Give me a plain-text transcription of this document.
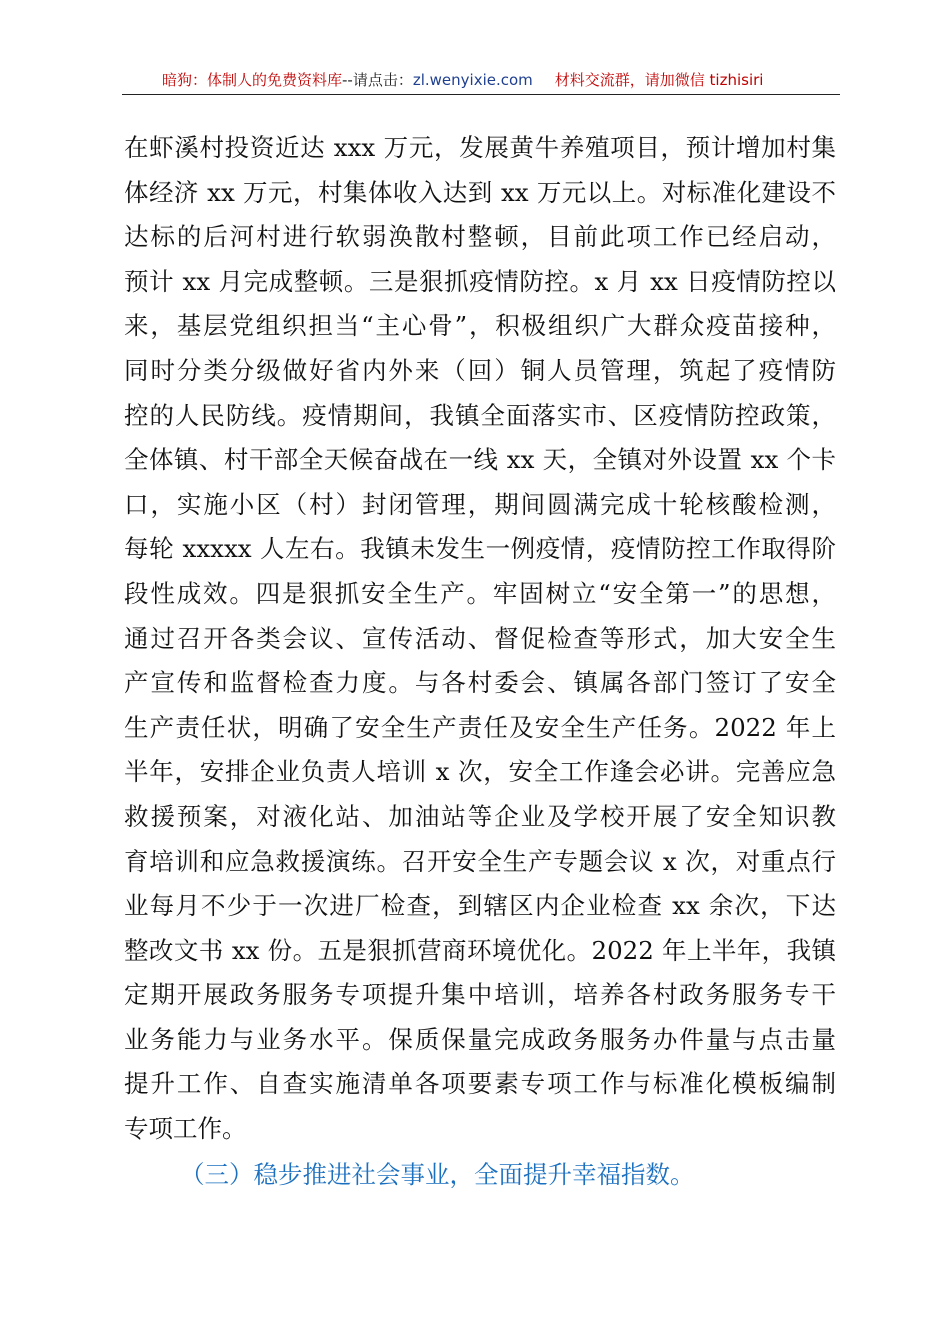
暗狗：体制人的免费资料库--请点击：zl.wenyixie.com 材料交流群，请加微信 tizhisiri
在虾溪村投资近达 xxx 万元，发展黄牛养殖项目，预计增加村集
体经济 xx 万元，村集体收入达到 xx 万元以上。对标准化建设不
达标的后河村进行软弱涣散村整顿，目前此项工作已经启动，
预计 xx 月完成整顿。三是狠抓疫情防控。x 月 xx 日疫情防控以
来，基层党组织担当“主心骨”，积极组织广大群众疫苗接种，
同时分类分级做好省内外来（回）铜人员管理，筑起了疫情防
控的人民防线。疫情期间，我镇全面落实市、区疫情防控政策，
全体镇、村干部全天候奋战在一线 xx 天，全镇对外设置 xx 个卡
口，实施小区（村）封闭管理，期间圆满完成十轮核酸检测，
每轮 xxxxx 人左右。我镇未发生一例疫情，疫情防控工作取得阶
段性成效。四是狠抓安全生产。牢固树立“安全第一”的思想，
通过召开各类会议、宣传活动、督促检查等形式，加大安全生
产宣传和监督检查力度。与各村委会、镇属各部门签订了安全
生产责任状，明确了安全生产责任及安全生产任务。2022 年上
半年，安排企业负责人培训 x 次，安全工作逢会必讲。完善应急
救援预案，对液化站、加油站等企业及学校开展了安全知识教
育培训和应急救援演练。召开安全生产专题会议 x 次，对重点行
业每月不少于一次进厂检查，到辖区内企业检查 xx 余次，下达
整改文书 xx 份。五是狠抓营商环境优化。2022 年上半年，我镇
定期开展政务服务专项提升集中培训，培养各村政务服务专干
业务能力与业务水平。保质保量完成政务服务办件量与点击量
提升工作、自查实施清单各项要素专项工作与标准化模板编制
专项工作。
（三）稳步推进社会事业，全面提升幸福指数。
